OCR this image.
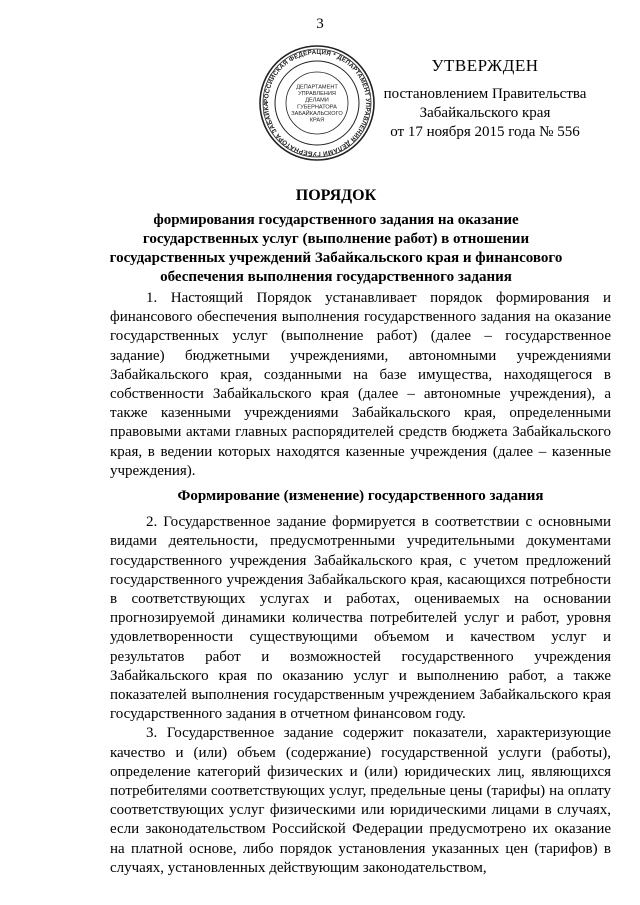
3
РОССИЙСКАЯ ФЕДЕРАЦИЯ * ДЕПАРТАМЕНТ УПРАВЛЕНИЯ ДЕЛАМИ ГУБЕРНАТОРА ЗАБАЙКА
ДЕПАРТАМЕНТ
УПРАВЛЕНИЯ
ДЕЛАМИ
ГУБЕРНАТОРА
ЗАБАЙКАЛЬСКОГО
КРАЯ
УТВЕРЖДЕН
постановлением Правительства
Забайкальского края
от 17 ноября 2015 года № 556
ПОРЯДОК
формирования государственного задания на оказание
государственных услуг (выполнение работ) в отношении
государственных учреждений Забайкальского края и финансового
обеспечения выполнения государственного задания

1. Настоящий Порядок устанавливает порядок формирования и финансового обеспечения выполнения государственного задания на оказание государственных услуг (выполнение работ) (далее – государственное задание) бюджетными учреждениями, автономными учреждениями Забайкальского края, созданными на базе имущества, находящегося в собственности Забайкальского края (далее – автономные учреждения), а также казенными учреждениями Забайкальского края, определенными правовыми актами главных распорядителей средств бюджета Забайкальского края, в ведении которых находятся казенные учреждения (далее – казенные учреждения).

Формирование (изменение) государственного задания

2. Государственное задание формируется в соответствии с основными видами деятельности, предусмотренными учредительными документами государственного учреждения Забайкальского края, с учетом предложений государственного учреждения Забайкальского края, касающихся потребности в соответствующих услугах и работах, оцениваемых на основании прогнозируемой динамики количества потребителей услуг и работ, уровня удовлетворенности существующими объемом и качеством услуг и результатов работ и возможностей государственного учреждения Забайкальского края по оказанию услуг и выполнению работ, а также показателей выполнения государственным учреждением Забайкальского края государственного задания в отчетном финансовом году.

3. Государственное задание содержит показатели, характеризующие качество и (или) объем (содержание) государственной услуги (работы), определение категорий физических и (или) юридических лиц, являющихся потребителями соответствующих услуг, предельные цены (тарифы) на оплату соответствующих услуг физическими или юридическими лицами в случаях, если законодательством Российской Федерации предусмотрено их оказание на платной основе, либо порядок установления указанных цен (тарифов) в случаях, установленных действующим законодательством,
